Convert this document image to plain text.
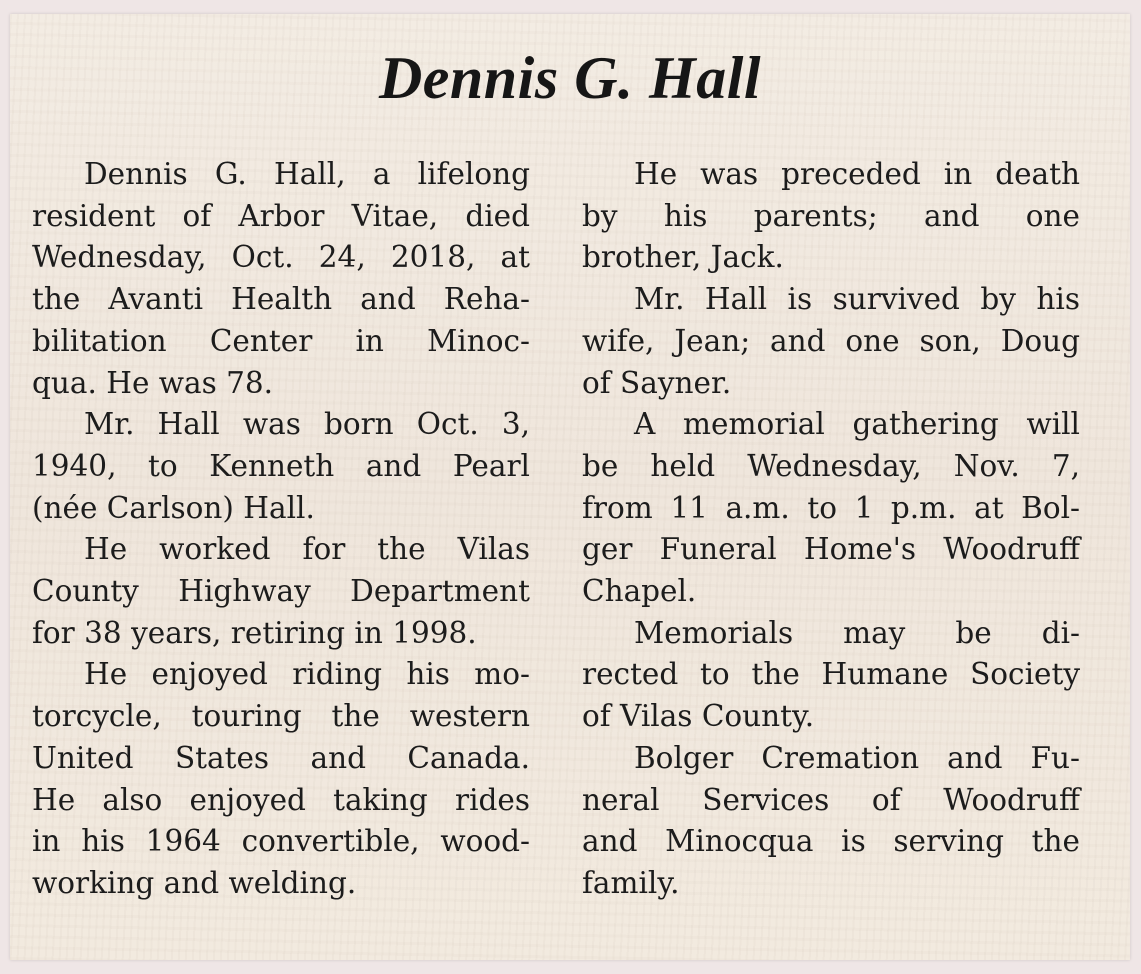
Dennis G. Hall

Dennis G. Hall, a lifelong
resident of Arbor Vitae, died
Wednesday, Oct. 24, 2018, at
the Avanti Health and Reha-
bilitation Center in Minoc-
qua. He was 78.

Mr. Hall was born Oct. 3,
1940, to Kenneth and Pearl
(née Carlson) Hall.

He worked for the Vilas
County Highway Department
for 38 years, retiring in 1998.

He enjoyed riding his mo-
torcycle, touring the western
United States and Canada.
He also enjoyed taking rides
in his 1964 convertible, wood-
working and welding.

He was preceded in death
by his parents; and one
brother, Jack.

Mr. Hall is survived by his
wife, Jean; and one son, Doug
of Sayner.

A memorial gathering will
be held Wednesday, Nov. 7,
from 11 a.m. to 1 p.m. at Bol-
ger Funeral Home's Woodruff
Chapel.

Memorials may be di-
rected to the Humane Society
of Vilas County.

Bolger Cremation and Fu-
neral Services of Woodruff
and Minocqua is serving the
family.
